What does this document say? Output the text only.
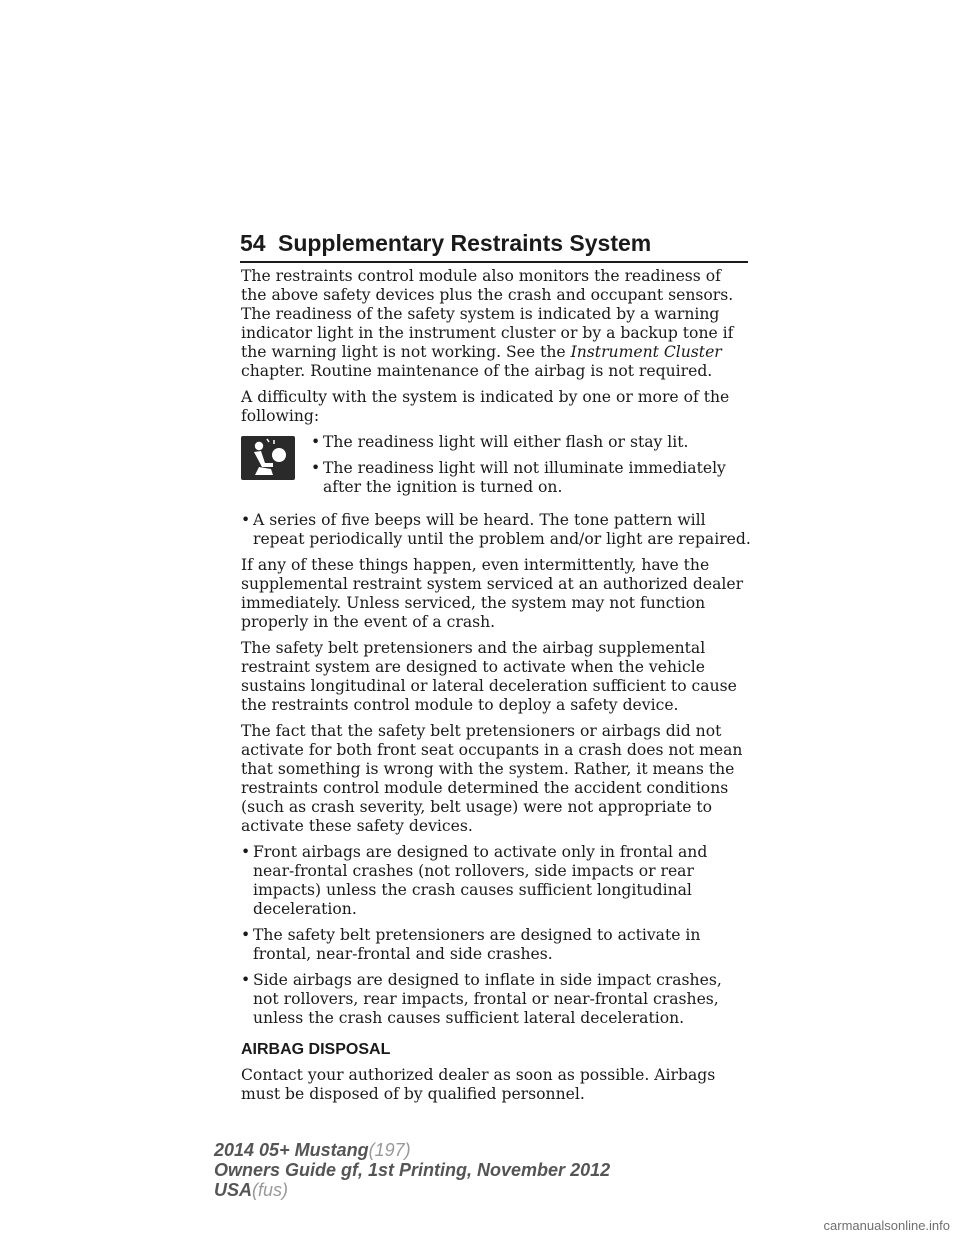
54 Supplementary Restraints System

The restraints control module also monitors the readiness of the above safety devices plus the crash and occupant sensors. The readiness of the safety system is indicated by a warning indicator light in the instrument cluster or by a backup tone if the warning light is not working. See the Instrument Cluster chapter. Routine maintenance of the airbag is not required.

A difficulty with the system is indicated by one or more of the following:

• The readiness light will either flash or stay lit.
• The readiness light will not illuminate immediately after the ignition is turned on.
• A series of five beeps will be heard. The tone pattern will repeat periodically until the problem and/or light are repaired.

If any of these things happen, even intermittently, have the supplemental restraint system serviced at an authorized dealer immediately. Unless serviced, the system may not function properly in the event of a crash.

The safety belt pretensioners and the airbag supplemental restraint system are designed to activate when the vehicle sustains longitudinal or lateral deceleration sufficient to cause the restraints control module to deploy a safety device.

The fact that the safety belt pretensioners or airbags did not activate for both front seat occupants in a crash does not mean that something is wrong with the system. Rather, it means the restraints control module determined the accident conditions (such as crash severity, belt usage) were not appropriate to activate these safety devices.

• Front airbags are designed to activate only in frontal and near-frontal crashes (not rollovers, side impacts or rear impacts) unless the crash causes sufficient longitudinal deceleration.
• The safety belt pretensioners are designed to activate in frontal, near-frontal and side crashes.
• Side airbags are designed to inflate in side impact crashes, not rollovers, rear impacts, frontal or near-frontal crashes, unless the crash causes sufficient lateral deceleration.
AIRBAG DISPOSAL

Contact your authorized dealer as soon as possible. Airbags must be disposed of by qualified personnel.

2014 05+ Mustang(197)
Owners Guide gf, 1st Printing, November 2012
USA(fus)
carmanualsonline.info
